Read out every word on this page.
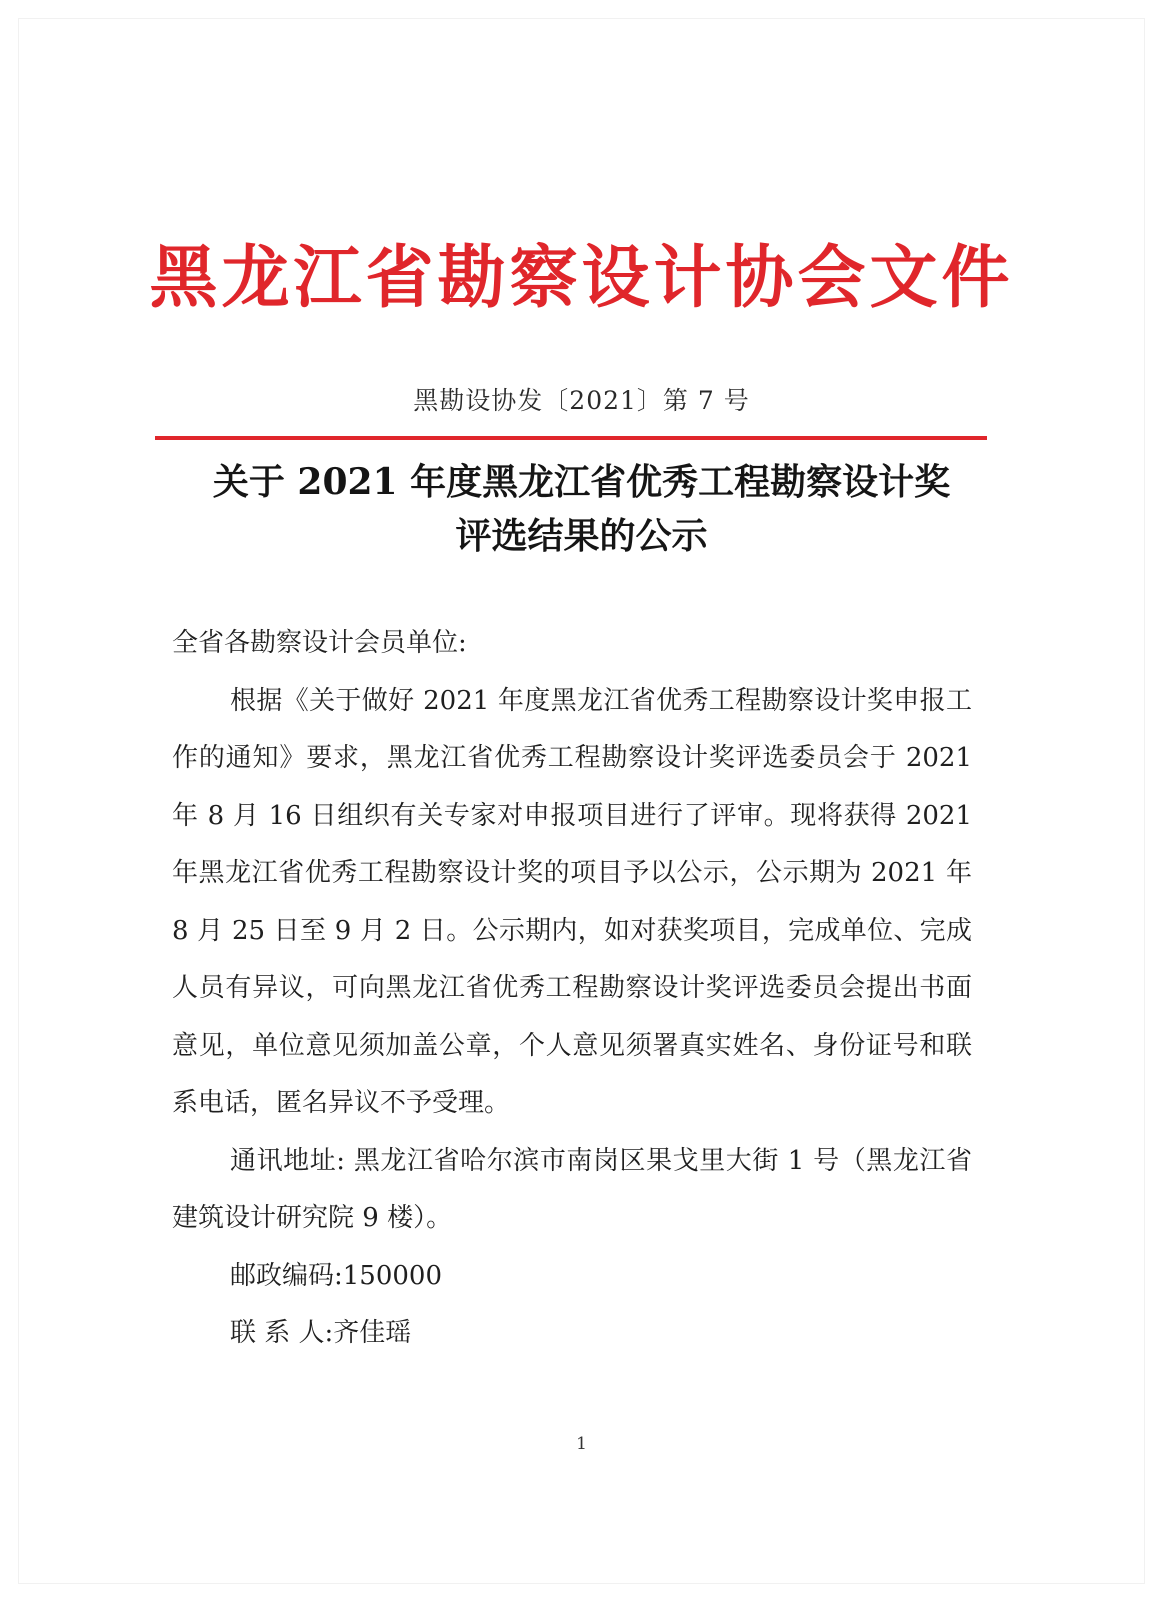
黑龙江省勘察设计协会文件
黑勘设协发〔2021〕第 7 号
关于 2021 年度黑龙江省优秀工程勘察设计奖
评选结果的公示

全省各勘察设计会员单位:

根据《关于做好 2021 年度黑龙江省优秀工程勘察设计奖申报工作的通知》要求，黑龙江省优秀工程勘察设计奖评选委员会于 2021 年 8 月 16 日组织有关专家对申报项目进行了评审。现将获得 2021 年黑龙江省优秀工程勘察设计奖的项目予以公示，公示期为 2021 年 8 月 25 日至 9 月 2 日。公示期内，如对获奖项目，完成单位、完成人员有异议，可向黑龙江省优秀工程勘察设计奖评选委员会提出书面意见，单位意见须加盖公章，个人意见须署真实姓名、身份证号和联系电话，匿名异议不予受理。

通讯地址: 黑龙江省哈尔滨市南岗区果戈里大街 1 号（黑龙江省建筑设计研究院 9 楼）。

邮政编码:150000

联 系 人:齐佳瑶

1
